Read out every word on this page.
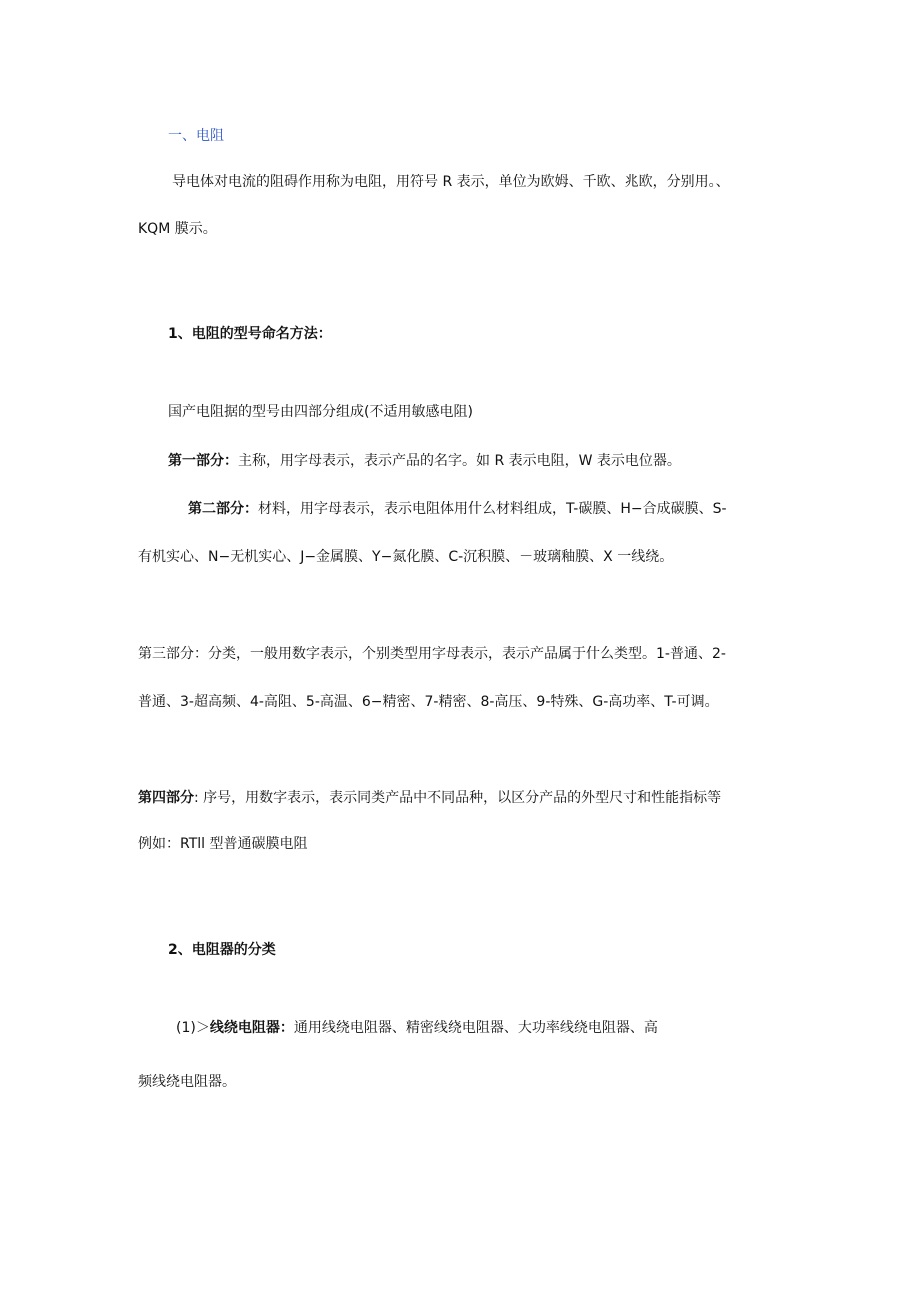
一、电阻
导电体对电流的阻碍作用称为电阻，用符号 R 表示，单位为欧姆、千欧、兆欧，分别用。、
KQM 膜示。
1、电阻的型号命名方法：
国产电阻据的型号由四部分组成(不适用敏感电阻)
第一部分：主称，用字母表示，表示产品的名字。如 R 表示电阻，W 表示电位器。
第二部分：材料，用字母表示，表示电阻体用什么材料组成，T-碳膜、H−合成碳膜、S-
有机实心、N−无机实心、J−金属膜、Y−氮化膜、C-沉积膜、－玻璃釉膜、X 一线绕。
第三部分：分类，一般用数字表示，个别类型用字母表示，表示产品属于什么类型。1-普通、2-
普通、3-超高频、4-高阻、5-高温、6−精密、7-精密、8-高压、9-特殊、G-高功率、T-可调。
第四部分: 序号，用数字表示，表示同类产品中不同品种，以区分产品的外型尺寸和性能指标等
例如：RTll 型普通碳膜电阻
2、电阻器的分类
(1)＞线绕电阻器：通用线绕电阻器、精密线绕电阻器、大功率线绕电阻器、高
频线绕电阻器。
